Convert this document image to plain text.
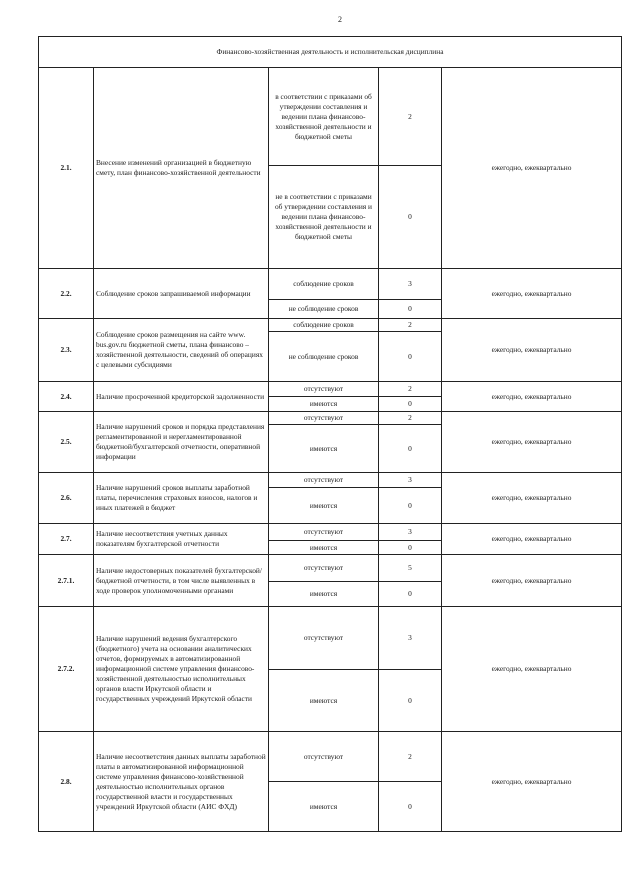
2
Финансово-хозяйственная деятельность и исполнительская дисциплина				
2.1.	Внесение изменений организацией в бюджетную смету, план финансово-хозяйственной деятельности	в соответствии с приказами об утверждении составления и ведении плана финансово-хозяйственной деятельности и бюджетной сметы	2	ежегодно, ежеквартально
		не в соответствии с приказами об утверждении составления и ведении плана финансово-хозяйственной деятельности и бюджетной сметы	0	
2.2.	Соблюдение сроков запрашиваемой информации	соблюдение сроков	3	ежегодно, ежеквартально
		не соблюдение сроков	0	
2.3.	Соблюдение сроков размещения на сайте www. bus.gov.ru бюджетной сметы, плана финансово – хозяйственной деятельности, сведений об операциях с целевыми субсидиями	соблюдение сроков	2	ежегодно, ежеквартально
		не соблюдение сроков	0	
2.4.	Наличие просроченной кредиторской задолженности	отсутствуют	2	ежегодно, ежеквартально
		имеются	0	
2.5.	Наличие нарушений сроков и порядка представления регламентированной и нерегламентированной бюджетной/бухгалтерской отчетности, оперативной информации	отсутствуют	2	ежегодно, ежеквартально
		имеются	0	
2.6.	Наличие нарушений сроков выплаты заработной платы, перечисления страховых взносов, налогов и иных платежей в бюджет	отсутствуют	3	ежегодно, ежеквартально
		имеются	0	
2.7.	Наличие несоответствия учетных данных показателям бухгалтерской отчетности	отсутствуют	3	ежегодно, ежеквартально
		имеются	0	
2.7.1.	Наличие недостоверных показателей бухгалтерской/бюджетной отчетности, в том числе выявленных в ходе проверок уполномоченными органами	отсутствуют	5	ежегодно, ежеквартально
		имеются	0	
2.7.2.	Наличие нарушений ведения бухгалтерского (бюджетного) учета на основании аналитических отчетов, формируемых в автоматизированной информационной системе управления финансово-хозяйственной деятельностью исполнительных органов власти Иркутской области и государственных учреждений Иркутской области	отсутствуют	3	ежегодно, ежеквартально
		имеются	0	
2.8.	Наличие несоответствия данных выплаты заработной платы в автоматизированной информационной системе управления финансово-хозяйственной деятельностью исполнительных органов государственной власти и государственных учреждений Иркутской области (АИС ФХД)	отсутствуют	2	ежегодно, ежеквартально
		имеются	0	
